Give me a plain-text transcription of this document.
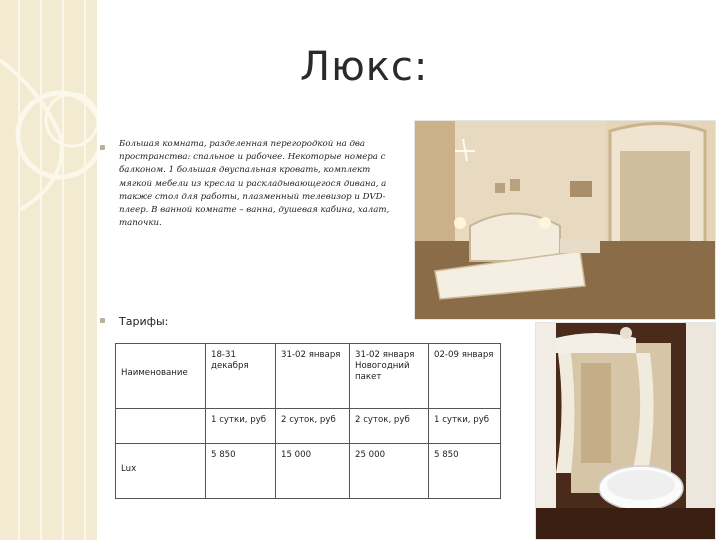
Люкс:
Большая комната, разделенная перегородкой на два пространства: спальное и рабочее. Некоторые номера с балконом. 1 большая двуспальная кровать, комплект мягкой мебели из кресла и раскладывающегося дивана, а также стол для работы, плазменный телевизор и DVD-плеер. В ванной комнате – ванна, душевая кабина, халат, тапочки.
Тарифы:
Наименование	18-31 декабря	31-02 января	31-02 января Новогодний пакет	02-09 января
	1 сутки, руб	2 суток, руб	2 суток, руб	1 сутки, руб
Lux	5 850	15 000	25 000	5 850
